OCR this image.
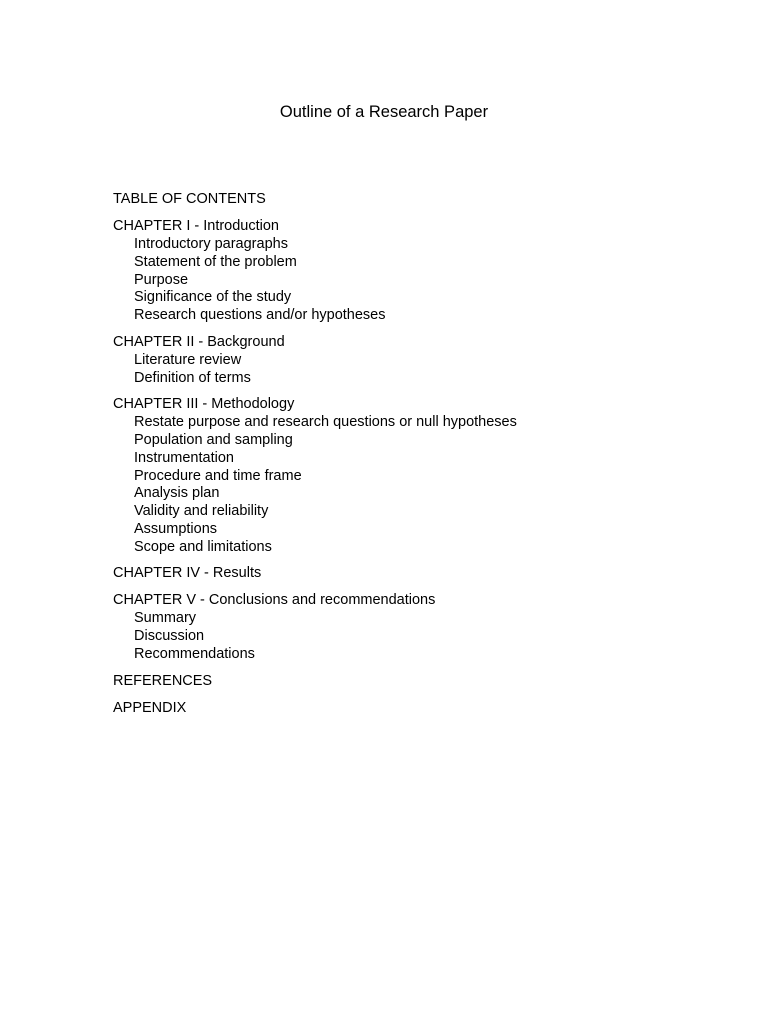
Outline of a Research Paper
TABLE OF CONTENTS
CHAPTER I - Introduction
Introductory paragraphs
Statement of the problem
Purpose
Significance of the study
Research questions and/or hypotheses
CHAPTER II - Background
Literature review
Definition of terms
CHAPTER III - Methodology
Restate purpose and research questions or null hypotheses
Population and sampling
Instrumentation
Procedure and time frame
Analysis plan
Validity and reliability
Assumptions
Scope and limitations
CHAPTER IV - Results
CHAPTER V - Conclusions and recommendations
Summary
Discussion
Recommendations
REFERENCES
APPENDIX
